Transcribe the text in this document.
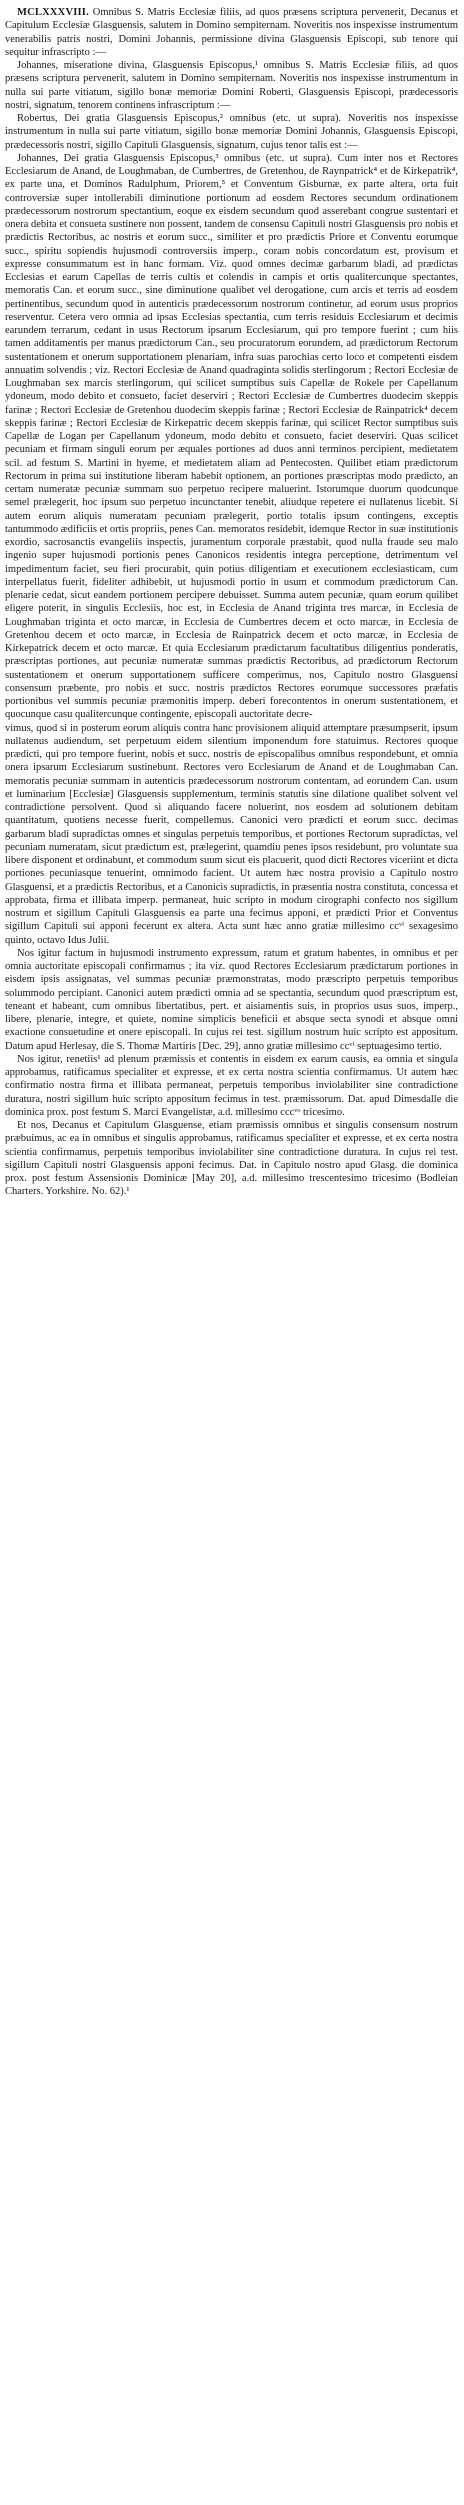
MCLXXXVIII. Omnibus S. Matris Ecclesiæ filiis, ad quos præsens scriptura pervenerit, Decanus et Capitulum Ecclesiæ Glasguensis, salutem in Domino sempiternam. Noveritis nos inspexisse instrumentum venerabilis patris nostri, Domini Johannis, permissione divina Glasguensis Episcopi, sub tenore qui sequitur infrascripto :—

Johannes, miseratione divina, Glasguensis Episcopus,¹ omnibus S. Matris Ecclesiæ filiis, ad quos præsens scriptura pervenerit, salutem in Domino sempiternam. Noveritis nos inspexisse instrumentum in nulla sui parte vitiatum, sigillo bonæ memoriæ Domini Roberti, Glasguensis Episcopi, prædecessoris nostri, signatum, tenorem continens infrascriptum :—

Robertus, Dei gratia Glasguensis Episcopus,² omnibus (etc. ut supra). Noveritis nos inspexisse instrumentum in nulla sui parte vitiatum, sigillo bonæ memoriæ Domini Johannis, Glasguensis Episcopi, prædecessoris nostri, sigillo Capituli Glasguensis, signatum, cujus tenor talis est :—

Johannes, Dei gratia Glasguensis Episcopus,³ omnibus (etc. ut supra). Cum inter nos et Rectores Ecclesiarum de Anand, de Loughmaban, de Cumbertres, de Gretenhou, de Raynpatrick⁴ et de Kirkepatrik⁴, ex parte una, et Dominos Radulphum, Priorem,⁵ et Conventum Gisburnæ, ex parte altera, orta fuit controversiæ super intollerabili diminutione portionum ad eosdem Rectores secundum ordinationem prædecessorum nostrorum spectantium, eoque ex eisdem secundum quod asserebant congrue sustentari et onera debita et consueta sustinere non possent, tandem de consensu Capituli nostri Glasguensis pro nobis et prædictis Rectoribus, ac nostris et eorum succ., similiter et pro prædictis Priore et Conventu eorumque succ., spiritu sopiendis hujusmodi controversiis imperp., coram nobis concordatum est, provisum et expresse consummatum est in hanc formam. Viz. quod omnes decimæ garbarum bladi, ad prædictas Ecclesias et earum Capellas de terris cultis et colendis in campis et ortis qualitercunque spectantes, memoratis Can. et eorum succ., sine diminutione qualibet vel derogatione, cum arcis et terris ad eosdem pertinentibus, secundum quod in autenticis prædecessorum nostrorum continetur, ad eorum usus proprios reserventur. Cetera vero omnia ad ipsas Ecclesias spectantia, cum terris residuis Ecclesiarum et decimis earundem terrarum, cedant in usus Rectorum ipsarum Ecclesiarum, qui pro tempore fuerint ; cum hiis tamen additamentis per manus prædictorum Can., seu procuratorum eorundem, ad prædictorum Rectorum sustentationem et onerum supportationem plenariam, infra suas parochias certo loco et competenti eisdem annuatim solvendis ; viz. Rectori Ecclesiæ de Anand quadraginta solidis sterlingorum ; Rectori Ecclesiæ de Loughmaban sex marcis sterlingorum, qui scilicet sumptibus suis Capellæ de Rokele per Capellanum ydoneum, modo debito et consueto, faciet deserviri ; Rectori Ecclesiæ de Cumbertres duodecim skeppis farinæ ; Rectori Ecclesiæ de Gretenhou duodecim skeppis farinæ ; Rectori Ecclesiæ de Rainpatrick⁴ decem skeppis farinæ ; Rectori Ecclesiæ de Kirkepatric decem skeppis farinæ, qui scilicet Rector sumptibus suis Capellæ de Logan per Capellanum ydoneum, modo debito et consueto, faciet deserviri. Quas scilicet pecuniam et firmam singuli eorum per æquales portiones ad duos anni terminos percipient, medietatem scil. ad festum S. Martini in hyeme, et medietatem aliam ad Pentecosten. Quilibet etiam prædictorum Rectorum in prima sui institutione liberam habebit optionem, an portiones præscriptas modo prædicto, an certam numeratæ pecuniæ summam suo perpetuo recipere maluerint. Istorumque duorum quodcunque semel prælegerit, hoc ipsum suo perpetuo incunctanter tenebit, aliudque repetere ei nullatenus licebit. Si autem eorum aliquis numeratam pecuniam prælegerit, portio totalis ipsum contingens, exceptis tantummodo ædificiis et ortis propriis, penes Can. memoratos residebit, idemque Rector in suæ institutionis exordio, sacrosanctis evangeliis inspectis, juramentum corporale præstabit, quod nulla fraude seu malo ingenio super hujusmodi portionis penes Canonicos residentis integra perceptione, detrimentum vel impedimentum faciet, seu fieri procurabit, quin potius diligentiam et executionem ecclesiasticam, cum interpellatus fuerit, fideliter adhibebit, ut hujusmodi portio in usum et commodum prædictorum Can. plenarie cedat, sicut eandem portionem percipere debuisset. Summa autem pecuniæ, quam eorum quilibet eligere poterit, in singulis Ecclesiis, hoc est, in Ecclesia de Anand triginta tres marcæ, in Ecclesia de Loughmaban triginta et octo marcæ, in Ecclesia de Cumbertres decem et octo marcæ, in Ecclesia de Gretenhou decem et octo marcæ, in Ecclesia de Rainpatrick decem et octo marcæ, in Ecclesia de Kirkepatrick decem et octo marcæ. Et quia Ecclesiarum prædictarum facultatibus diligentius ponderatis, præscriptas portiones, aut pecuniæ numeratæ summas prædictis Rectoribus, ad prædictorum Rectorum sustentationem et onerum supportationem sufficere comperimus, nos, Capitulo nostro Glasguensi consensum præbente, pro nobis et succ. nostris prædictos Rectores eorumque successores præfatis portionibus vel summis pecuniæ præmonitis imperp. deberi forecontentos in onerum sustentationem, et quocunque casu qualitercunque contingente, episcopali auctoritate decre-

vimus, quod si in posterum eorum aliquis contra hanc provisionem aliquid attemptare præsumpserit, ipsum nullatenus audiendum, set perpetuum eidem silentium imponendum fore statuimus. Rectores quoque prædicti, qui pro tempore fuerint, nobis et succ. nostris de episcopalibus omnibus respondebunt, et omnia onera ipsarum Ecclesiarum sustinebunt. Rectores vero Ecclesiarum de Anand et de Loughmaban Can. memoratis pecuniæ summam in autenticis prædecessorum nostrorum contentam, ad eorundem Can. usum et luminarium [Ecclesiæ] Glasguensis supplementum, terminis statutis sine dilatione qualibet solvent vel contradictione persolvent. Quod si aliquando facere noluerint, nos eosdem ad solutionem debitam quantitatum, quotiens necesse fuerit, compellemus. Canonici vero prædicti et eorum succ. decimas garbarum bladi supradictas omnes et singulas perpetuis temporibus, et portiones Rectorum supradictas, vel pecuniam numeratam, sicut prædictum est, prælegerint, quamdiu penes ipsos residebunt, pro voluntate sua libere disponent et ordinabunt, et commodum suum sicut eis placuerit, quod dicti Rectores viceriint et dicta portiones pecuniasque tenuerint, omnimodo facient. Ut autem hæc nostra provisio a Capitulo nostro Glasguensi, et a prædictis Rectoribus, et a Canonicis supradictis, in præsentia nostra constituta, concessa et approbata, firma et illibata imperp. permaneat, huic scripto in modum cirographi confecto nos sigillum nostrum et sigillum Capituli Glasguensis ea parte una fecimus apponi, et prædicti Prior et Conventus sigillum Capituli sui apponi fecerunt ex altera. Acta sunt hæc anno gratiæ millesimo ccᵛⁱ sexagesimo quinto, octavo Idus Julii.

Nos igitur factum in hujusmodi instrumento expressum, ratum et gratum habentes, in omnibus et per omnia auctoritate episcopali confirmamus ; ita viz. quod Rectores Ecclesiarum prædictarum portiones in eisdem ipsis assignatas, vel summas pecuniæ præmonstratas, modo præscripto perpetuis temporibus solummodo percipiant. Canonici autem prædicti omnia ad se spectantia, secundum quod præscriptum est, teneant et habeant, cum omnibus libertatibus, pert. et aisiamentis suis, in proprios usus suos, imperp., libere, plenarie, integre, et quiete, nomine simplicis beneficii et absque secta synodi et absque omni exactione consuetudine et onere episcopali. In cujus rei test. sigillum nostrum huic scripto est appositum. Datum apud Herlesay, die S. Thomæ Martiris [Dec. 29], anno gratiæ millesimo ccᵛⁱ septuagesimo tertio.

Nos igitur, renetiis¹ ad plenum præmissis et contentis in eisdem ex earum causis, ea omnia et singula approbamus, ratificamus specialiter et expresse, et ex certa nostra scientia confirmamus. Ut autem hæc confirmatio nostra firma et illibata permaneat, perpetuis temporibus inviolabiliter sine contradictione duratura, nostri sigillum huic scripto appositum fecimus in test. præmissorum. Dat. apud Dimesdalle die dominica prox. post festum S. Marci Evangelistæ, a.d. millesimo cccᵛᵒ tricesimo.

Et nos, Decanus et Capitulum Glasguense, etiam præmissis omnibus et singulis consensum nostrum præbuimus, ac ea in omnibus et singulis approbamus, ratificamus specialiter et expresse, et ex certa nostra scientia confirmamus, perpetuis temporibus inviolabiliter sine contradictione duratura. In cujus rei test. sigillum Capituli nostri Glasguensis apponi fecimus. Dat. in Capitulo nostro apud Glasg. die dominica prox. post festum Assensionis Dominicæ [May 20], a.d. millesimo trescentesimo tricesimo (Bodleian Charters. Yorkshire. No. 62).¹
